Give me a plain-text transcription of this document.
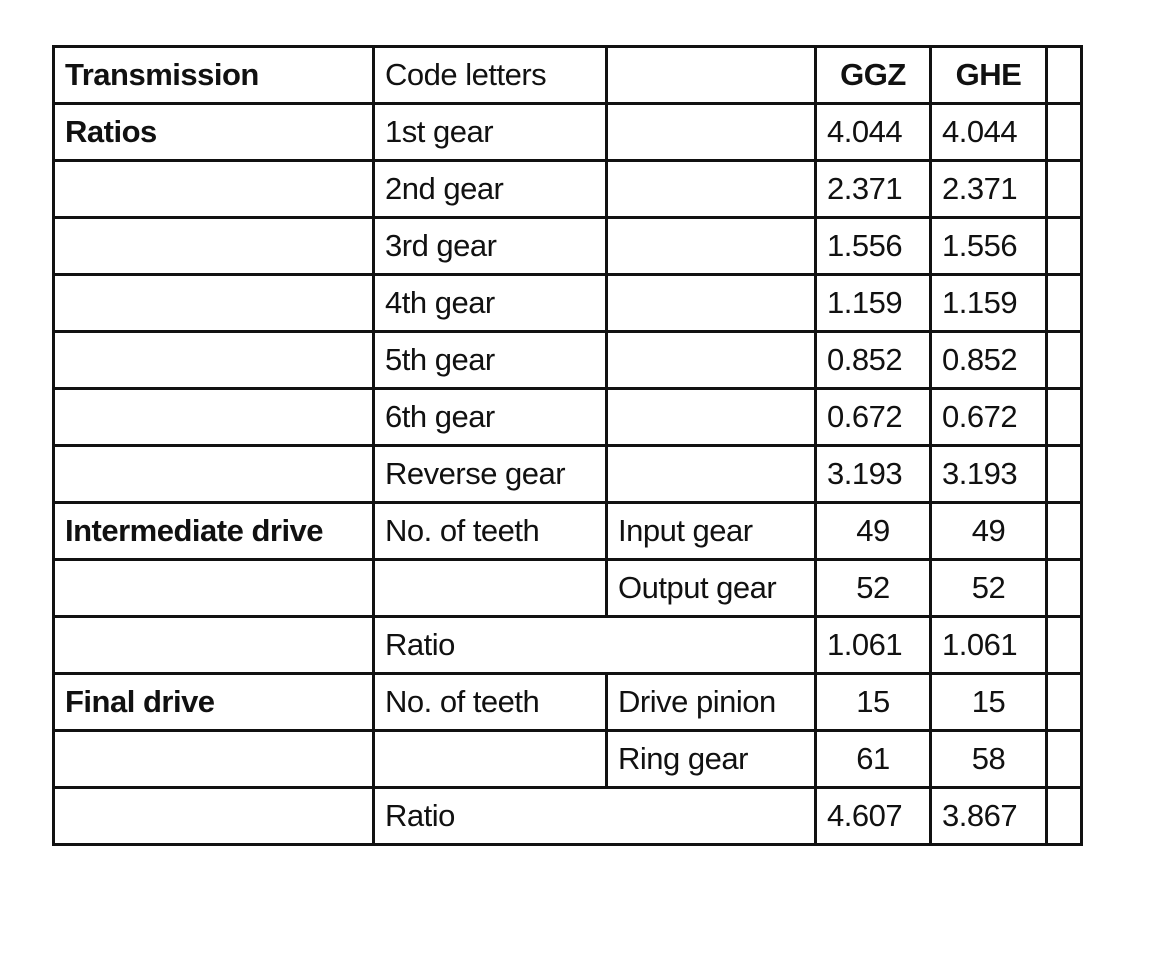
Transmission	Code letters		GGZ	GHE	
Ratios	1st gear		4.044	4.044	
	2nd gear		2.371	2.371	
	3rd gear		1.556	1.556	
	4th gear		1.159	1.159	
	5th gear		0.852	0.852	
	6th gear		0.672	0.672	
	Reverse gear		3.193	3.193	
Intermediate drive	No. of teeth	Input gear	49	49	
		Output gear	52	52	
	Ratio		1.061	1.061	
Final drive	No. of teeth	Drive pinion	15	15	
		Ring gear	61	58	
	Ratio		4.607	3.867	
